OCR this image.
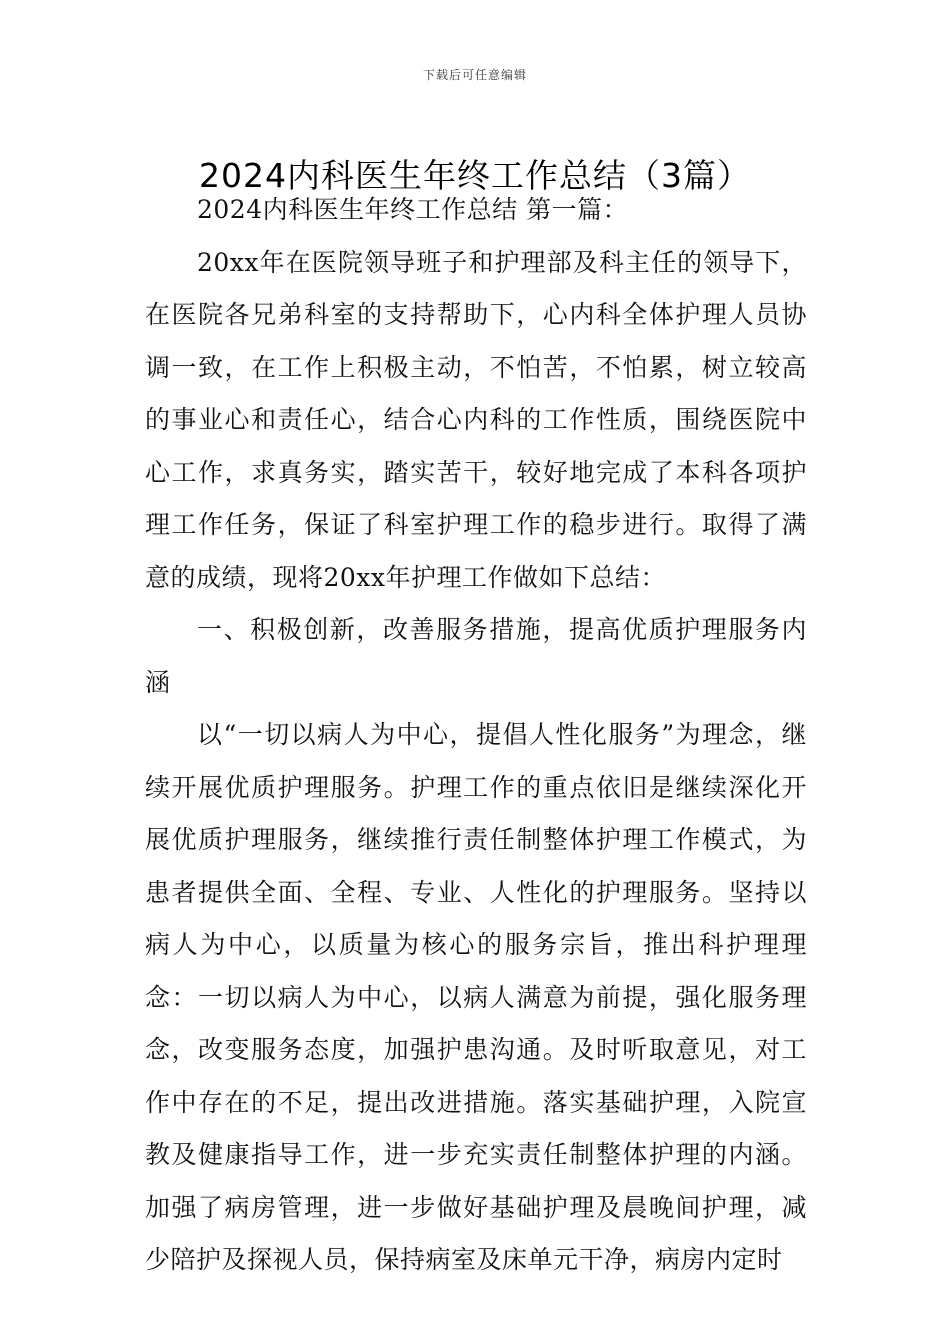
下载后可任意编辑
2024内科医生年终工作总结（3篇）

2024内科医生年终工作总结 第一篇：

20xx年在医院领导班子和护理部及科主任的领导下，在医院各兄弟科室的支持帮助下，心内科全体护理人员协调一致，在工作上积极主动，不怕苦，不怕累，树立较高的事业心和责任心，结合心内科的工作性质，围绕医院中心工作，求真务实，踏实苦干，较好地完成了本科各项护理工作任务，保证了科室护理工作的稳步进行。取得了满意的成绩，现将20xx年护理工作做如下总结：

一、积极创新，改善服务措施，提高优质护理服务内涵

以“一切以病人为中心，提倡人性化服务”为理念，继续开展优质护理服务。护理工作的重点依旧是继续深化开展优质护理服务，继续推行责任制整体护理工作模式，为患者提供全面、全程、专业、人性化的护理服务。坚持以病人为中心，以质量为核心的服务宗旨，推出科护理理念：一切以病人为中心，以病人满意为前提，强化服务理念，改变服务态度，加强护患沟通。及时听取意见，对工作中存在的不足，提出改进措施。落实基础护理，入院宣教及健康指导工作，进一步充实责任制整体护理的内涵。加强了病房管理，进一步做好基础护理及晨晚间护理，减少陪护及探视人员，保持病室及床单元干净，病房内定时
